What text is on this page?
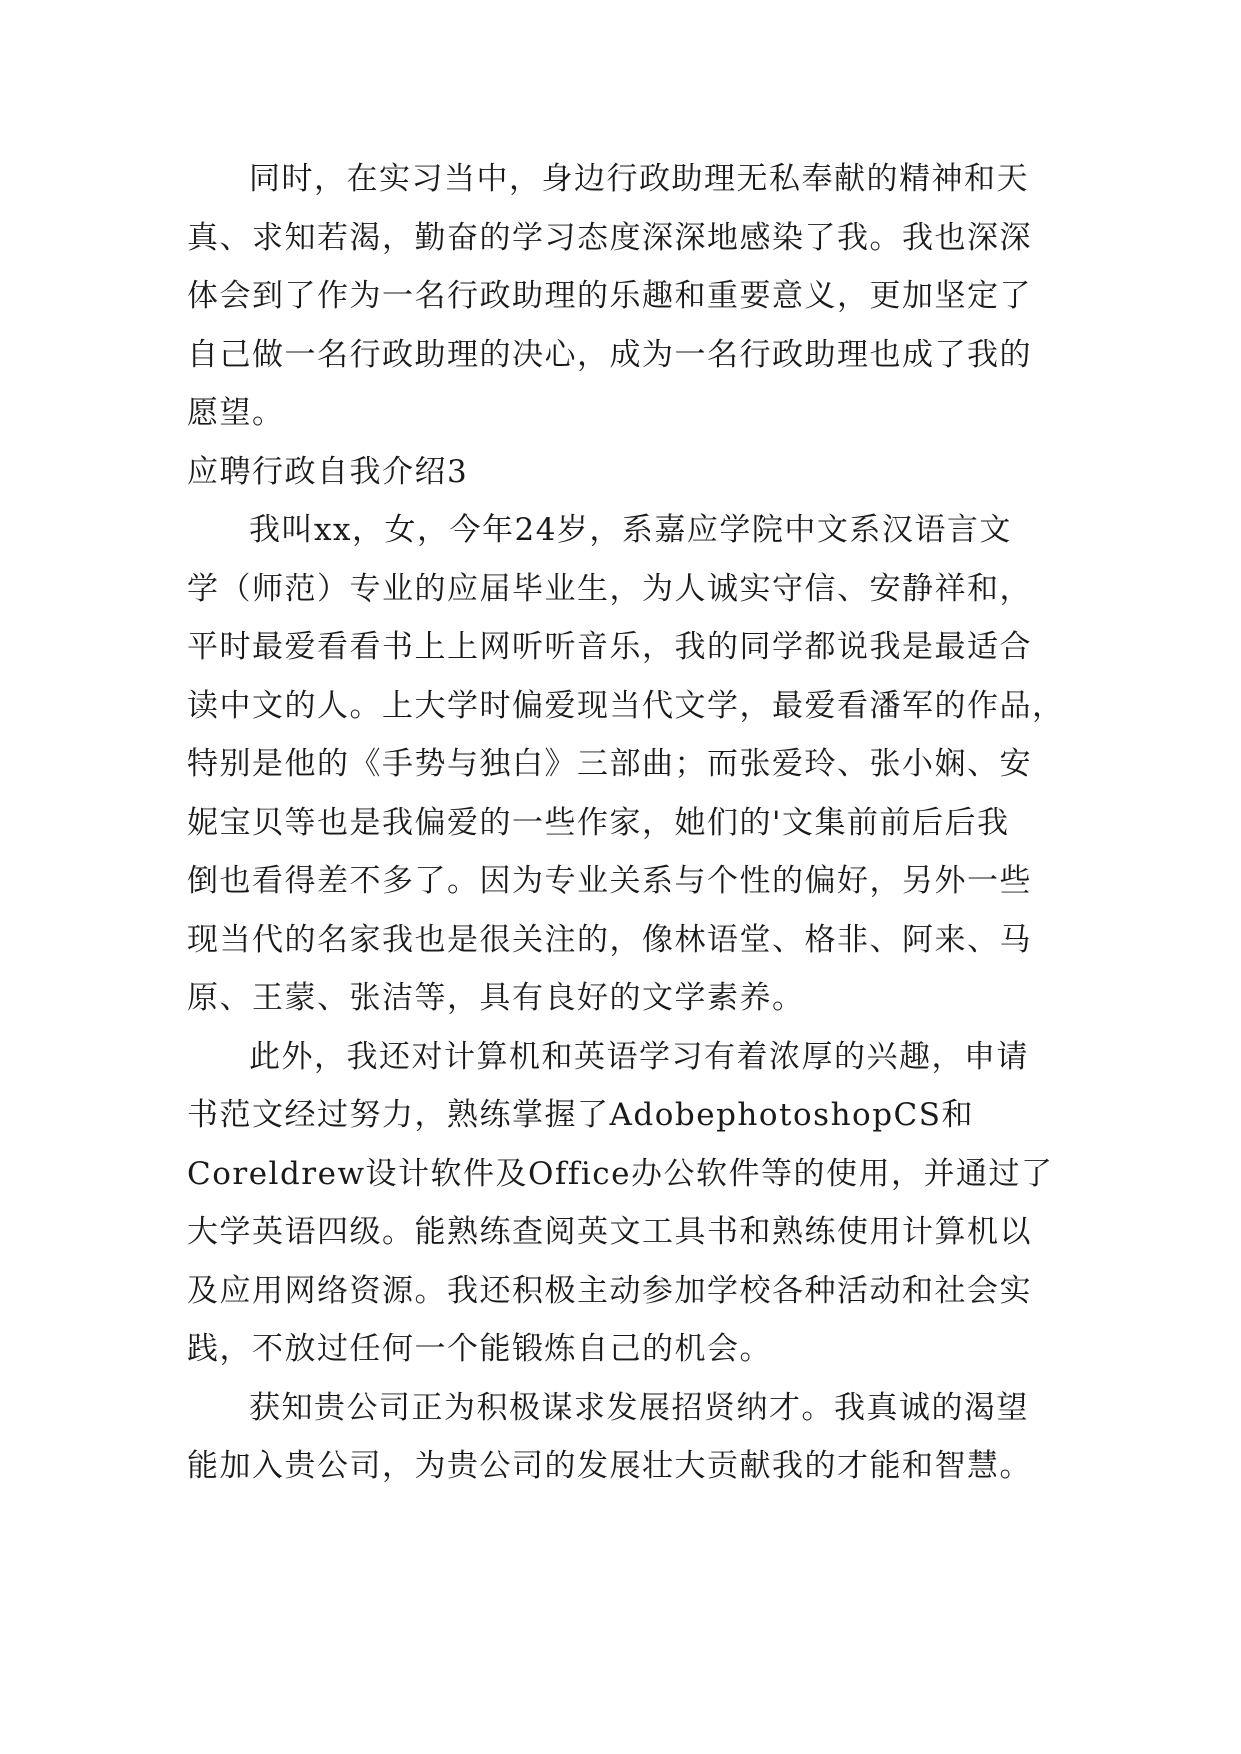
同时，在实习当中，身边行政助理无私奉献的精神和天
真、求知若渴，勤奋的学习态度深深地感染了我。我也深深
体会到了作为一名行政助理的乐趣和重要意义，更加坚定了
自己做一名行政助理的决心，成为一名行政助理也成了我的
愿望。
应聘行政自我介绍3
我叫xx，女，今年24岁，系嘉应学院中文系汉语言文
学（师范）专业的应届毕业生，为人诚实守信、安静祥和，
平时最爱看看书上上网听听音乐，我的同学都说我是最适合
读中文的人。上大学时偏爱现当代文学，最爱看潘军的作品，
特别是他的《手势与独白》三部曲；而张爱玲、张小娴、安
妮宝贝等也是我偏爱的一些作家，她们的'文集前前后后我
倒也看得差不多了。因为专业关系与个性的偏好，另外一些
现当代的名家我也是很关注的，像林语堂、格非、阿来、马
原、王蒙、张洁等，具有良好的文学素养。
此外，我还对计算机和英语学习有着浓厚的兴趣，申请
书范文经过努力，熟练掌握了AdobephotoshopCS和
Coreldrew设计软件及Office办公软件等的使用，并通过了
大学英语四级。能熟练查阅英文工具书和熟练使用计算机以
及应用网络资源。我还积极主动参加学校各种活动和社会实
践，不放过任何一个能锻炼自己的机会。
获知贵公司正为积极谋求发展招贤纳才。我真诚的渴望
能加入贵公司，为贵公司的发展壮大贡献我的才能和智慧。
